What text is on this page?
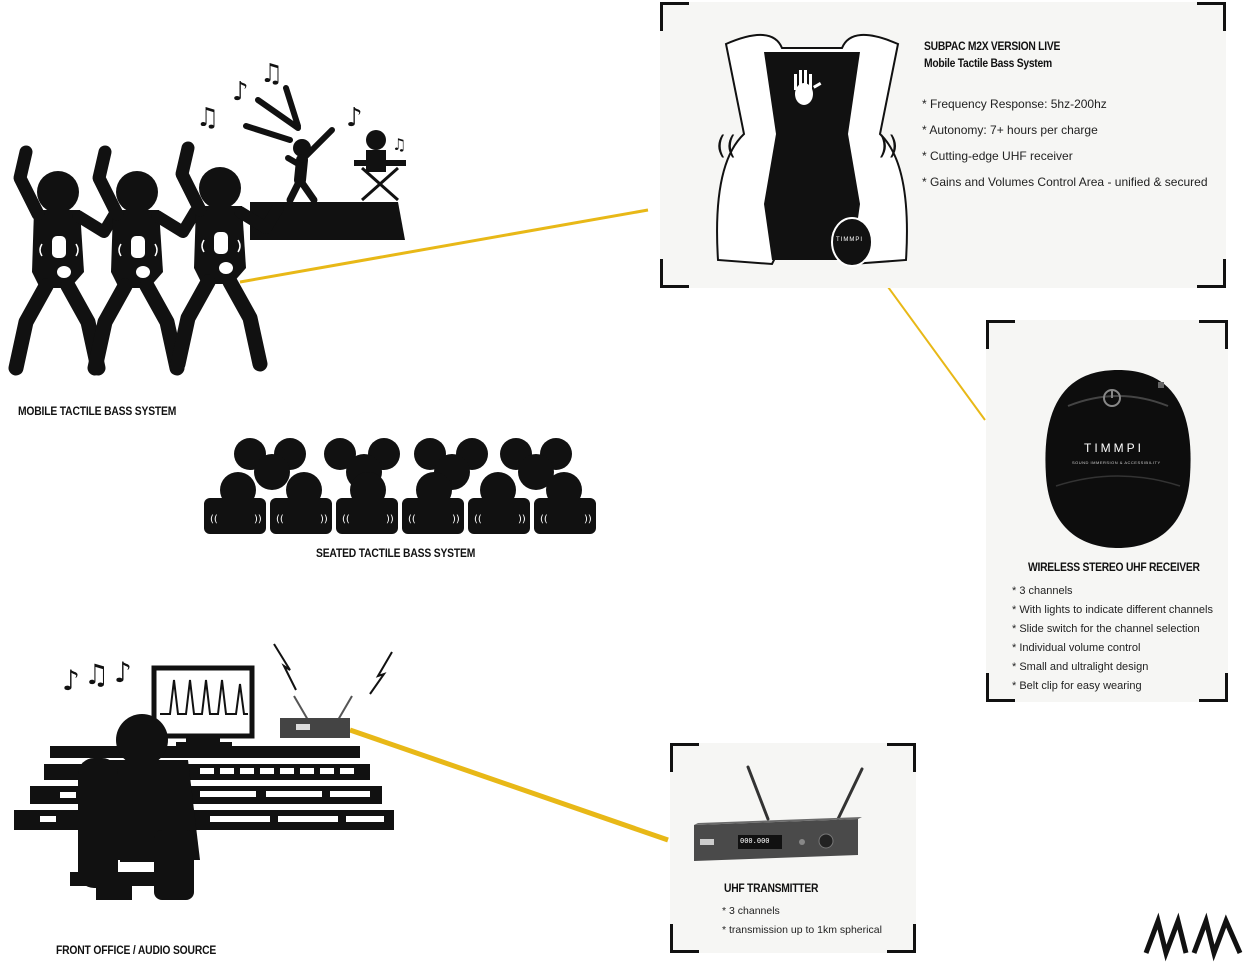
♫
♪
♫
♪
♫
MOBILE TACTILE BASS SYSTEM
((	)) ((	)) ((	)) ((	)) ((	)) ((	))
SEATED TACTILE BASS SYSTEM
♪ ♫ ♪
FRONT OFFICE / AUDIO SOURCE
((	))
TIMMPI
SUBPAC M2X VERSION LIVE
Mobile Tactile Bass System
* Frequency Response: 5hz-200hz
* Autonomy: 7+ hours per charge
* Cutting-edge UHF receiver
* Gains and Volumes Control Area - unified & secured
TIMMPI
SOUND IMMERSION & ACCESSIBILITY
WIRELESS STEREO UHF RECEIVER
* 3 channels
* With lights to indicate different channels
* Slide switch for the channel selection
* Individual volume control
* Small and ultralight design
* Belt clip for easy wearing
000.000
UHF TRANSMITTER
* 3 channels
* transmission up to 1km spherical
